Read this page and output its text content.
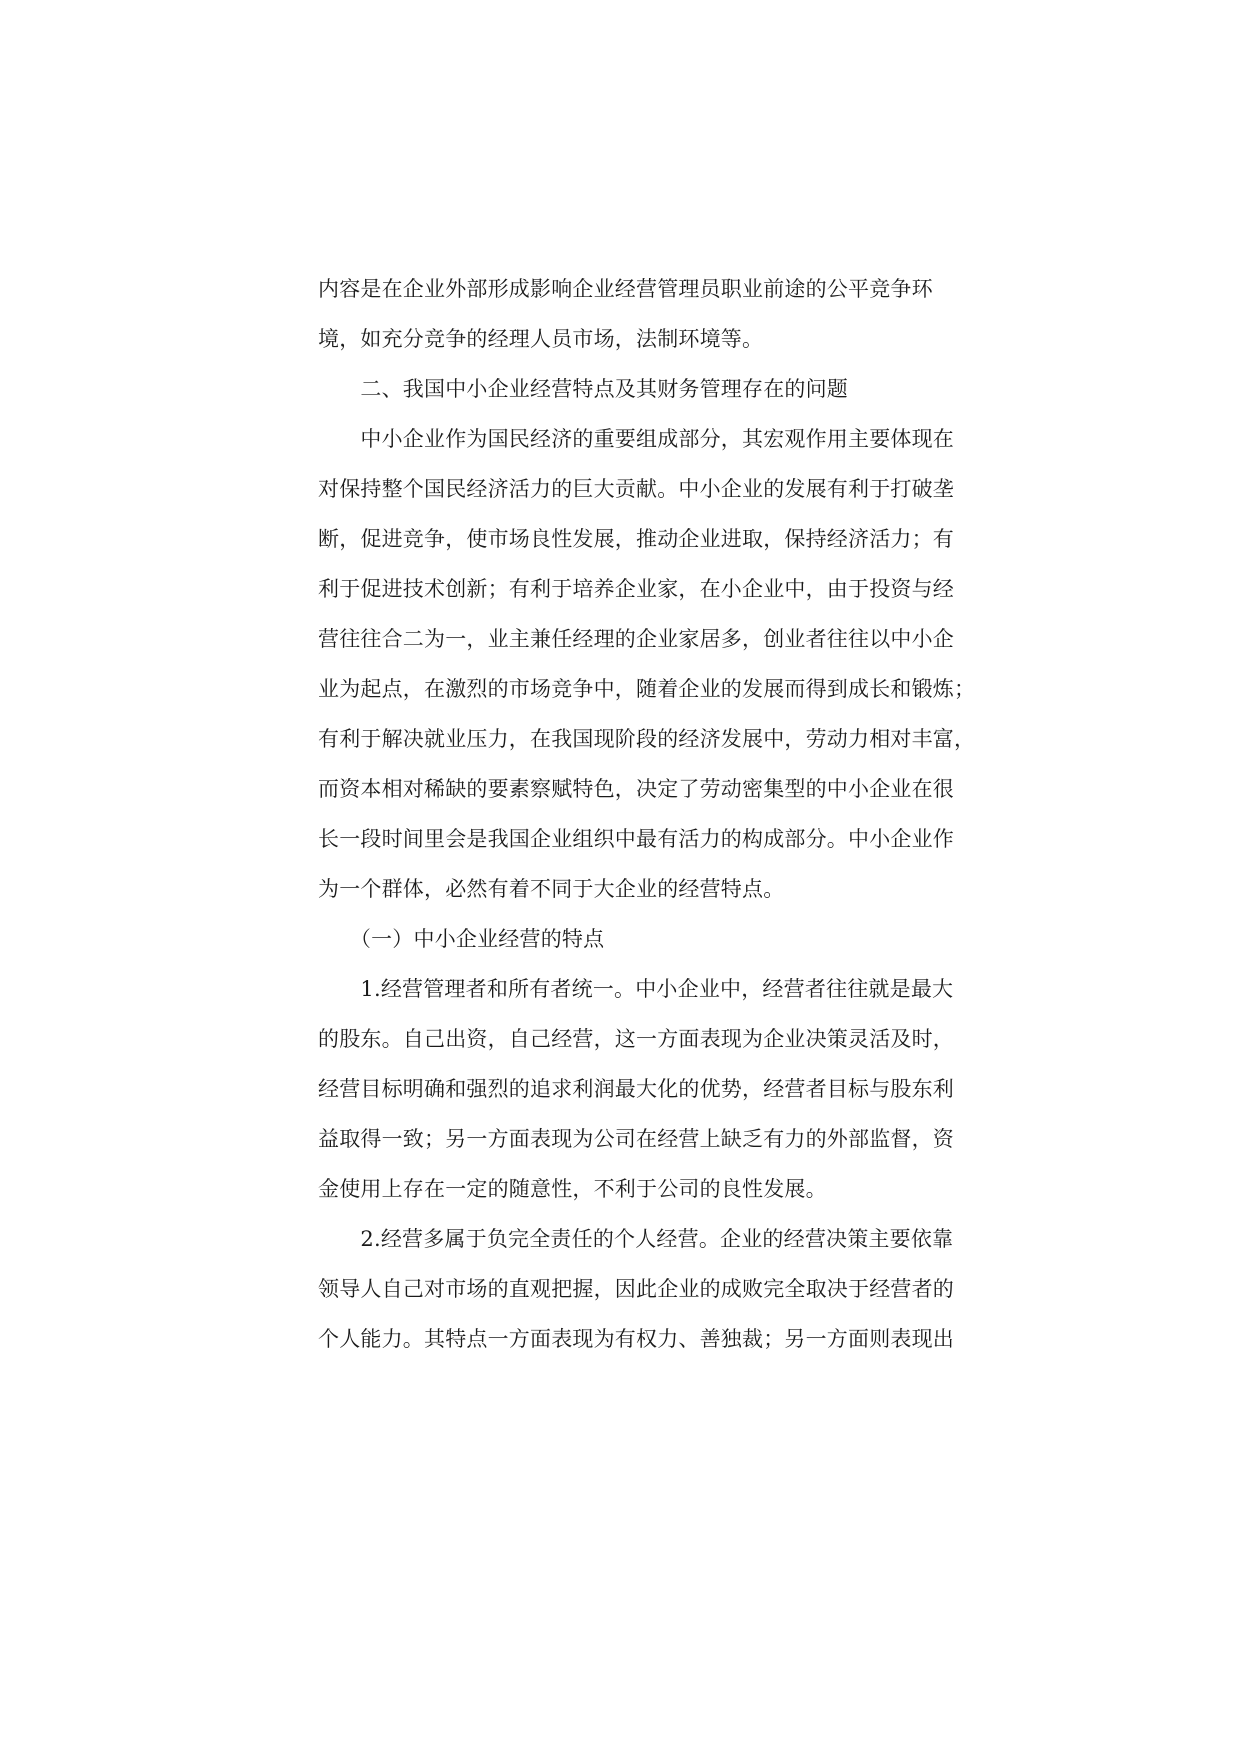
内容是在企业外部形成影响企业经营管理员职业前途的公平竞争环
境，如充分竞争的经理人员市场，法制环境等。
　　二、我国中小企业经营特点及其财务管理存在的问题
　　中小企业作为国民经济的重要组成部分，其宏观作用主要体现在
对保持整个国民经济活力的巨大贡献。中小企业的发展有利于打破垄
断，促进竞争，使市场良性发展，推动企业进取，保持经济活力；有
利于促进技术创新；有利于培养企业家，在小企业中，由于投资与经
营往往合二为一，业主兼任经理的企业家居多，创业者往往以中小企
业为起点，在激烈的市场竞争中，随着企业的发展而得到成长和锻炼；
有利于解决就业压力，在我国现阶段的经济发展中，劳动力相对丰富，
而资本相对稀缺的要素察赋特色，决定了劳动密集型的中小企业在很
长一段时间里会是我国企业组织中最有活力的构成部分。中小企业作
为一个群体，必然有着不同于大企业的经营特点。
　　（一）中小企业经营的特点
　　1.经营管理者和所有者统一。中小企业中，经营者往往就是最大
的股东。自己出资，自己经营，这一方面表现为企业决策灵活及时，
经营目标明确和强烈的追求利润最大化的优势，经营者目标与股东利
益取得一致；另一方面表现为公司在经营上缺乏有力的外部监督，资
金使用上存在一定的随意性，不利于公司的良性发展。
　　2.经营多属于负完全责任的个人经营。企业的经营决策主要依靠
领导人自己对市场的直观把握，因此企业的成败完全取决于经营者的
个人能力。其特点一方面表现为有权力、善独裁；另一方面则表现出
